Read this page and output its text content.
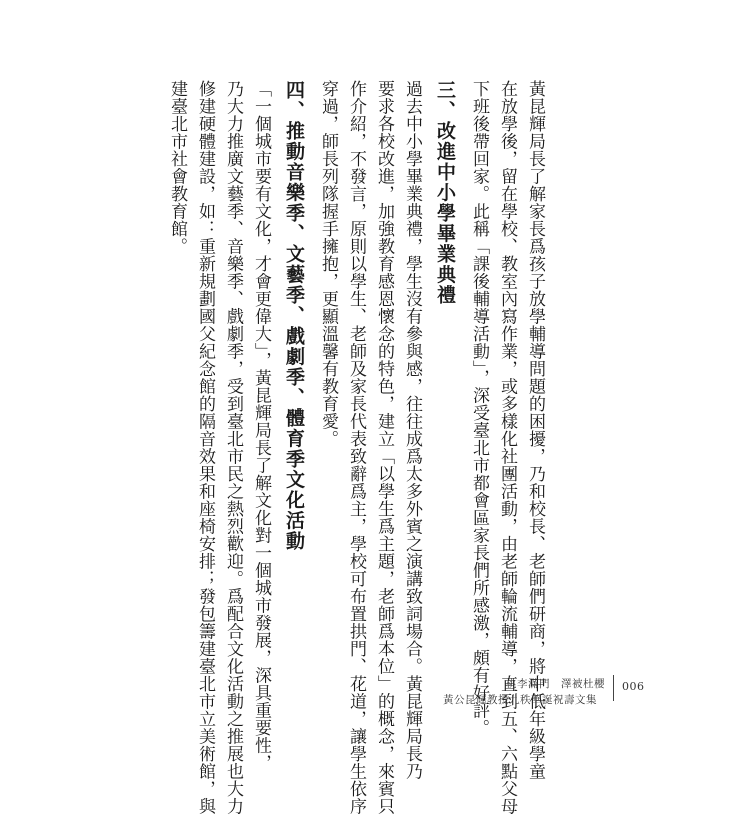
黃昆輝局長了解家長爲孩子放學輔導問題的困擾，乃和校長、老師們研商，將中低年級學童
在放學後，留在學校、教室內寫作業，或多樣化社團活動，由老師輪流輔導，直到五、六點父母
下班後帶回家。此稱「課後輔導活動」，深受臺北市都會區家長們所感激，頗有好評。
三、改進中小學畢業典禮
過去中小學畢業典禮，學生沒有參與感，往往成爲太多外賓之演講致詞場合。黃昆輝局長乃
要求各校改進，加強教育感恩懷念的特色，建立「以學生爲主題，老師爲本位」的概念，來賓只
作介紹，不發言，原則以學生、老師及家長代表致辭爲主，學校可布置拱門、花道，讓學生依序
穿過，師長列隊握手擁抱，更顯溫馨有教育愛。
四、推動音樂季、文藝季、戲劇季、體育季文化活動
「一個城市要有文化，才會更偉大」，黃昆輝局長了解文化對一個城市發展，深具重要性，
乃大力推廣文藝季、音樂季、戲劇季，受到臺北市民之熱烈歡迎。爲配合文化活動之推展也大力
修建硬體建設，如：重新規劃國父紀念館的隔音效果和座椅安排；發包籌建臺北市立美術館，與
建臺北市社會教育館。
桃李滿門　澤被杜櫻
黃公昆輝教授九秩華誕祝壽文集
006
